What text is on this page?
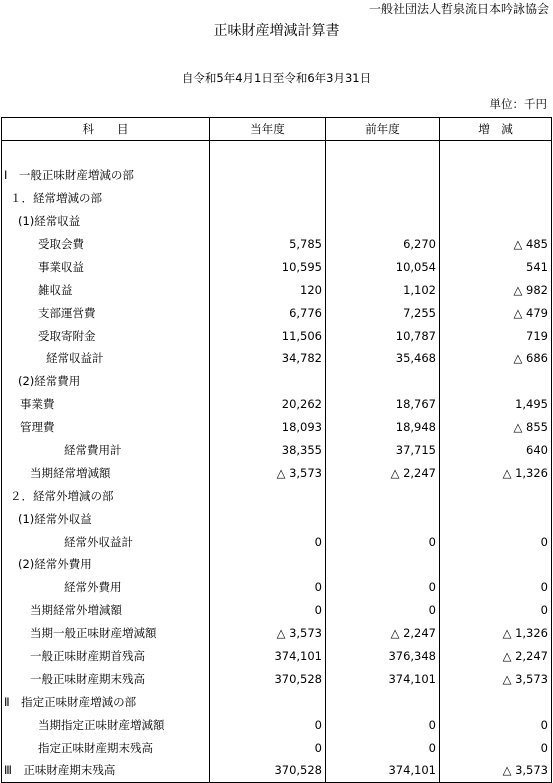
一般社団法人哲泉流日本吟詠協会
正味財産増減計算書
自令和5年4月1日至令和6年3月31日
単位：千円
科　　目	当年度	前年度	増　減

Ⅰ　一般正味財産増減の部			
１．経常増減の部			
(1)経常収益			
受取会費	5,785	6,270	△ 485
事業収益	10,595	10,054	541
雑収益	120	1,102	△ 982
支部運営費	6,776	7,255	△ 479
受取寄附金	11,506	10,787	719
経常収益計	34,782	35,468	△ 686
(2)経常費用			
事業費	20,262	18,767	1,495
管理費	18,093	18,948	△ 855
経常費用計	38,355	37,715	640
当期経常増減額	△ 3,573	△ 2,247	△ 1,326
２．経常外増減の部			
(1)経常外収益			
経常外収益計	0	0	0
(2)経常外費用			
経常外費用	0	0	0
当期経常外増減額	0	0	0
当期一般正味財産増減額	△ 3,573	△ 2,247	△ 1,326
一般正味財産期首残高	374,101	376,348	△ 2,247
一般正味財産期末残高	370,528	374,101	△ 3,573
Ⅱ　指定正味財産増減の部			
当期指定正味財産増減額	0	0	0
指定正味財産期末残高	0	0	0
Ⅲ　正味財産期末残高	370,528	374,101	△ 3,573
